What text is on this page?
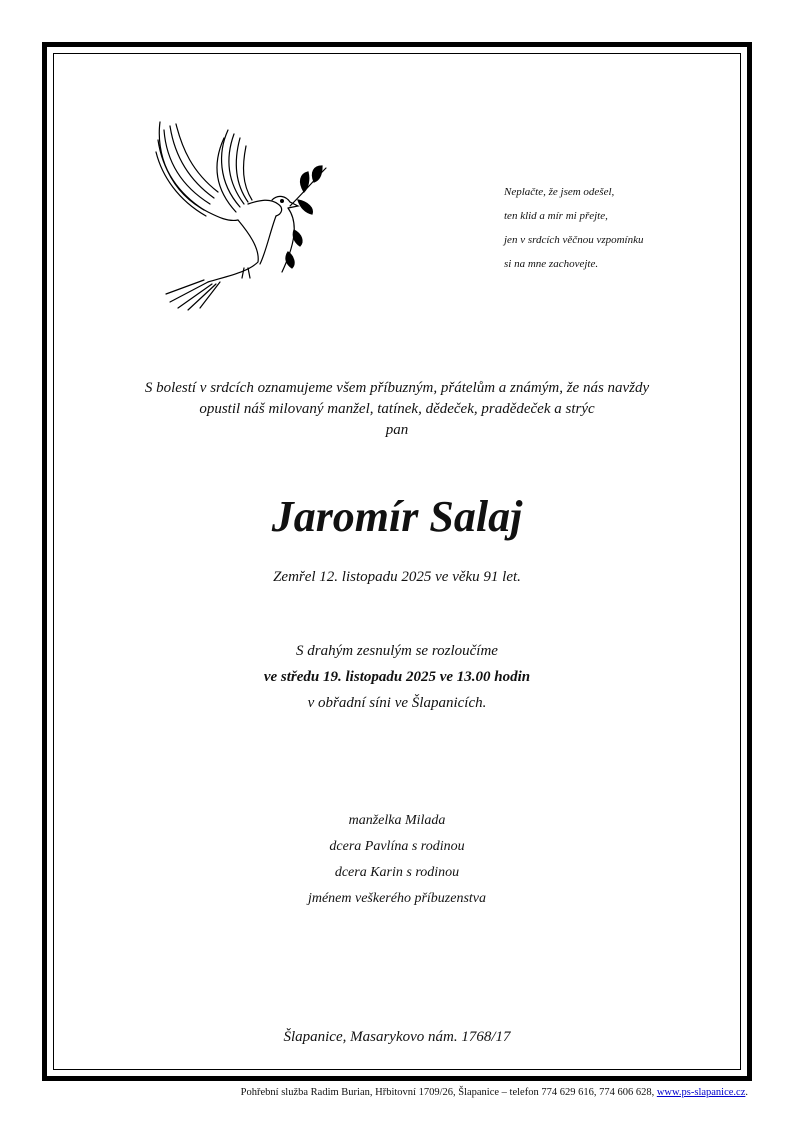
Neplačte, že jsem odešel,
ten klid a mír mi přejte,
jen v srdcích věčnou vzpomínku
si na mne zachovejte.
S bolestí v srdcích oznamujeme všem příbuzným, přátelům a známým, že nás navždy
opustil náš milovaný manžel, tatínek, dědeček, pradědeček a strýc
pan
Jaromír Salaj
Zemřel 12. listopadu 2025 ve věku 91 let.
S drahým zesnulým se rozloučíme
ve středu 19. listopadu 2025 ve 13.00 hodin
v obřadní síni ve Šlapanicích.
manželka Milada
dcera Pavlína s rodinou
dcera Karin s rodinou
jménem veškerého příbuzenstva
Šlapanice, Masarykovo nám. 1768/17
Pohřební služba Radim Burian, Hřbitovní 1709/26, Šlapanice – telefon 774 629 616, 774 606 628, www.ps-slapanice.cz.
